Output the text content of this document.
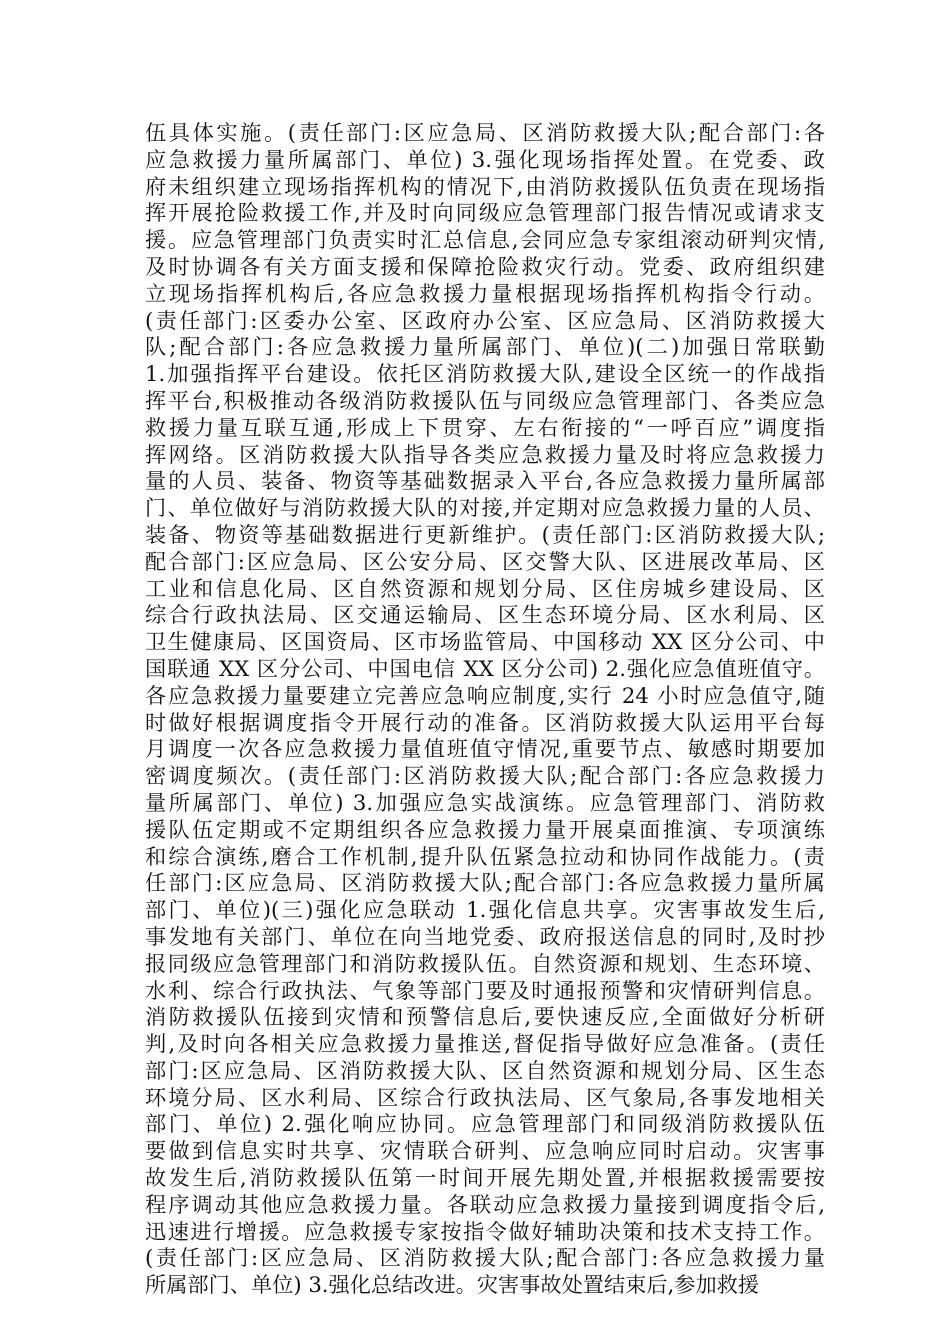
伍具体实施。(责任部门:区应急局、区消防救援大队;配合部门:各
应急救援力量所属部门、单位) 3.强化现场指挥处置。在党委、政
府未组织建立现场指挥机构的情况下,由消防救援队伍负责在现场指
挥开展抢险救援工作,并及时向同级应急管理部门报告情况或请求支
援。应急管理部门负责实时汇总信息,会同应急专家组滚动研判灾情,
及时协调各有关方面支援和保障抢险救灾行动。党委、政府组织建
立现场指挥机构后,各应急救援力量根据现场指挥机构指令行动。
(责任部门:区委办公室、区政府办公室、区应急局、区消防救援大
队;配合部门:各应急救援力量所属部门、单位)(二)加强日常联勤
1.加强指挥平台建设。依托区消防救援大队,建设全区统一的作战指
挥平台,积极推动各级消防救援队伍与同级应急管理部门、各类应急
救援力量互联互通,形成上下贯穿、左右衔接的“一呼百应”调度指
挥网络。区消防救援大队指导各类应急救援力量及时将应急救援力
量的人员、装备、物资等基础数据录入平台,各应急救援力量所属部
门、单位做好与消防救援大队的对接,并定期对应急救援力量的人员、
装备、物资等基础数据进行更新维护。(责任部门:区消防救援大队;
配合部门:区应急局、区公安分局、区交警大队、区进展改革局、区
工业和信息化局、区自然资源和规划分局、区住房城乡建设局、区
综合行政执法局、区交通运输局、区生态环境分局、区水利局、区
卫生健康局、区国资局、区市场监管局、中国移动 XX 区分公司、中
国联通 XX 区分公司、中国电信 XX 区分公司) 2.强化应急值班值守。
各应急救援力量要建立完善应急响应制度,实行 24 小时应急值守,随
时做好根据调度指令开展行动的准备。区消防救援大队运用平台每
月调度一次各应急救援力量值班值守情况,重要节点、敏感时期要加
密调度频次。(责任部门:区消防救援大队;配合部门:各应急救援力
量所属部门、单位) 3.加强应急实战演练。应急管理部门、消防救
援队伍定期或不定期组织各应急救援力量开展桌面推演、专项演练
和综合演练,磨合工作机制,提升队伍紧急拉动和协同作战能力。(责
任部门:区应急局、区消防救援大队;配合部门:各应急救援力量所属
部门、单位)(三)强化应急联动 1.强化信息共享。灾害事故发生后,
事发地有关部门、单位在向当地党委、政府报送信息的同时,及时抄
报同级应急管理部门和消防救援队伍。自然资源和规划、生态环境、
水利、综合行政执法、气象等部门要及时通报预警和灾情研判信息。
消防救援队伍接到灾情和预警信息后,要快速反应,全面做好分析研
判,及时向各相关应急救援力量推送,督促指导做好应急准备。(责任
部门:区应急局、区消防救援大队、区自然资源和规划分局、区生态
环境分局、区水利局、区综合行政执法局、区气象局,各事发地相关
部门、单位) 2.强化响应协同。应急管理部门和同级消防救援队伍
要做到信息实时共享、灾情联合研判、应急响应同时启动。灾害事
故发生后,消防救援队伍第一时间开展先期处置,并根据救援需要按
程序调动其他应急救援力量。各联动应急救援力量接到调度指令后,
迅速进行增援。应急救援专家按指令做好辅助决策和技术支持工作。
(责任部门:区应急局、区消防救援大队;配合部门:各应急救援力量
所属部门、单位) 3.强化总结改进。灾害事故处置结束后,参加救援
